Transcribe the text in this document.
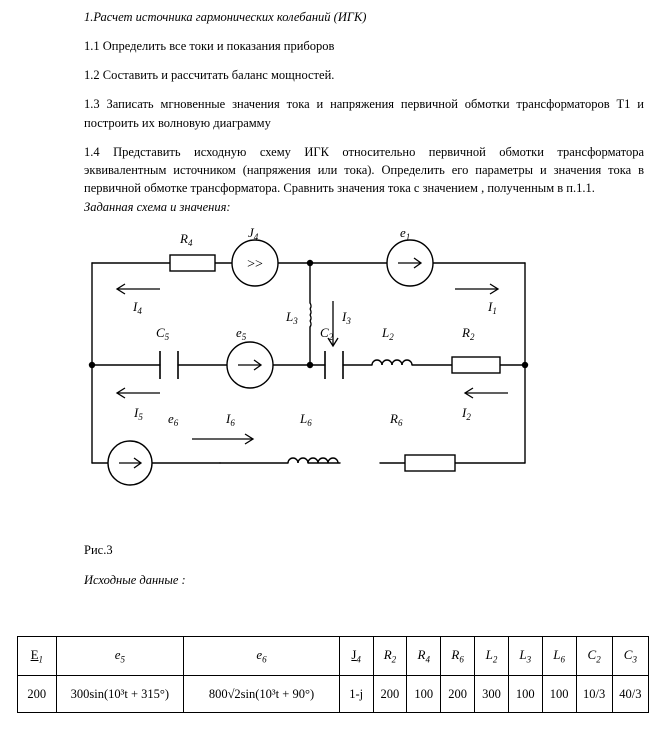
1.Расчет источника гармонических колебаний (ИГК)
1.1 Определить все токи и показания приборов
1.2 Составить и рассчитать баланс мощностей.
1.3 Записать мгновенные значения тока и напряжения первичной обмотки трансформаторов Т1 и построить их волновую диаграмму
1.4 Представить исходную схему ИГК относительно первичной обмотки трансформатора эквивалентным источником (напряжения или тока). Определить его параметры и значения тока в первичной обмотке трансформатора. Сравнить значения тока с значением , полученным в п.1.1.
Заданная схема и значения:
>>
$R_4$
$J_4$	$e_1$
$I_4$	$L_3$	$I_3$
$I_1$
$C_5$	$e_5$	$C_2$	$L_2$	$R_2$
$I_5$	$I_2$
$e_6$	$I_6$	$L_6$	$R_6$
Рис.3
Исходные данные :
$E_1$	$e_5$	$e_6$	$J_4$	$R_2$	$R_4$	$R_6$	$L_2$	$L_3$	$L_6$	$C_2$	$C_3$
200	300sin(10³t + 315°)	800√2sin(10³t + 90°)	1-j	200	100	200	300	100	100	10/3	40/3
